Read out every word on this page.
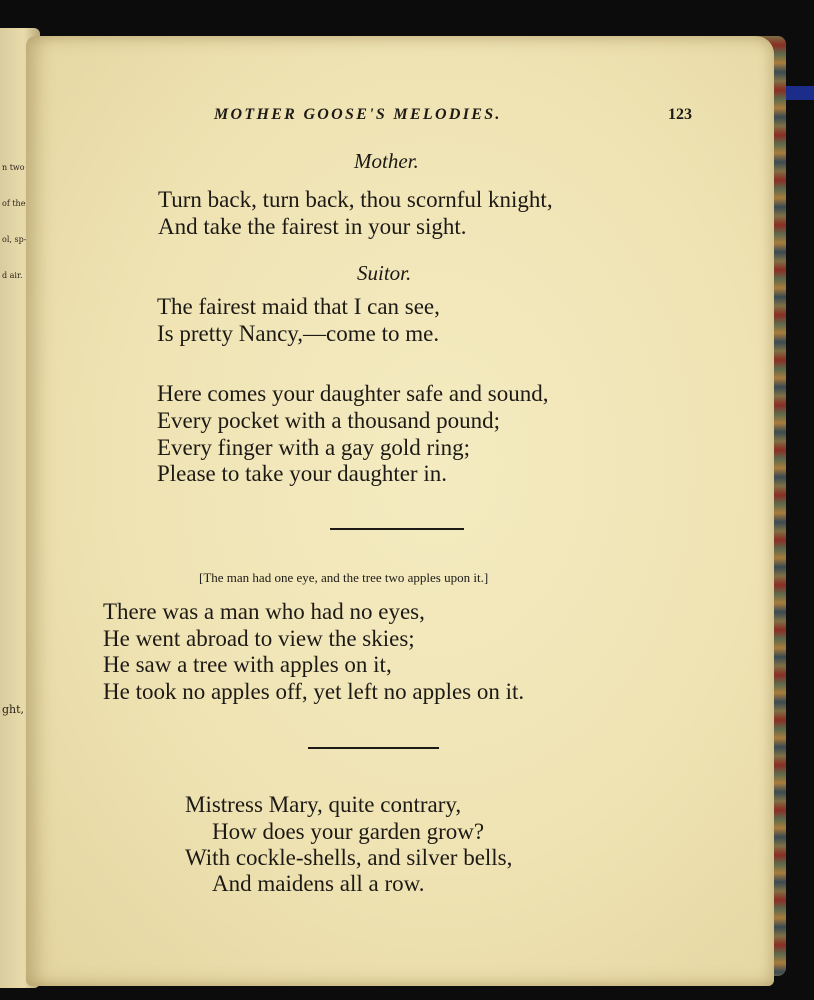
n two

of the

ol, sp-

d air.

ght,

MOTHER GOOSE'S MELODIES.	123

Mother.

Turn back, turn back, thou scornful knight,

And take the fairest in your sight.

Suitor.

The fairest maid that I can see,

Is pretty Nancy,—come to me.

Here comes your daughter safe and sound,

Every pocket with a thousand pound;

Every finger with a gay gold ring;

Please to take your daughter in.

[The man had one eye, and the tree two apples upon it.]

There was a man who had no eyes,

He went abroad to view the skies;

He saw a tree with apples on it,

He took no apples off, yet left no apples on it.

Mistress Mary, quite contrary,

How does your garden grow?

With cockle-shells, and silver bells,

And maidens all a row.
